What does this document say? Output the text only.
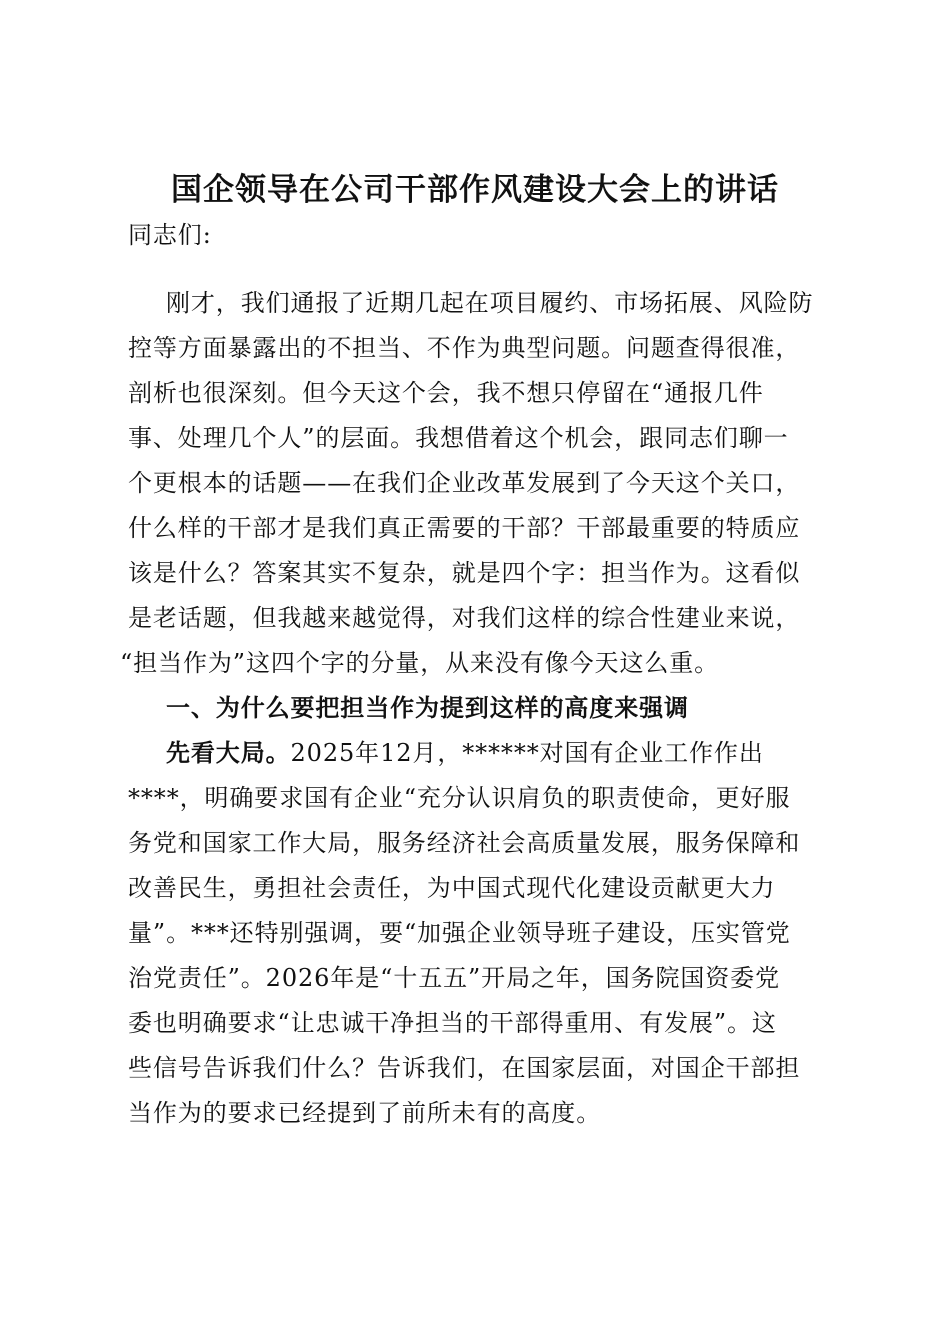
国企领导在公司干部作风建设大会上的讲话
同志们:
刚才，我们通报了近期几起在项目履约、市场拓展、风险防
控等方面暴露出的不担当、不作为典型问题。问题查得很准，
剖析也很深刻。但今天这个会，我不想只停留在“通报几件
事、处理几个人”的层面。我想借着这个机会，跟同志们聊一
个更根本的话题——在我们企业改革发展到了今天这个关口，
什么样的干部才是我们真正需要的干部？干部最重要的特质应
该是什么？答案其实不复杂，就是四个字：担当作为。这看似
是老话题，但我越来越觉得，对我们这样的综合性建业来说，
“担当作为”这四个字的分量，从来没有像今天这么重。
一、为什么要把担当作为提到这样的高度来强调
先看大局。2025年12月，******对国有企业工作作出
****，明确要求国有企业“充分认识肩负的职责使命，更好服
务党和国家工作大局，服务经济社会高质量发展，服务保障和
改善民生，勇担社会责任，为中国式现代化建设贡献更大力
量”。***还特别强调，要“加强企业领导班子建设，压实管党
治党责任”。2026年是“十五五”开局之年，国务院国资委党
委也明确要求“让忠诚干净担当的干部得重用、有发展”。这
些信号告诉我们什么？告诉我们，在国家层面，对国企干部担
当作为的要求已经提到了前所未有的高度。
